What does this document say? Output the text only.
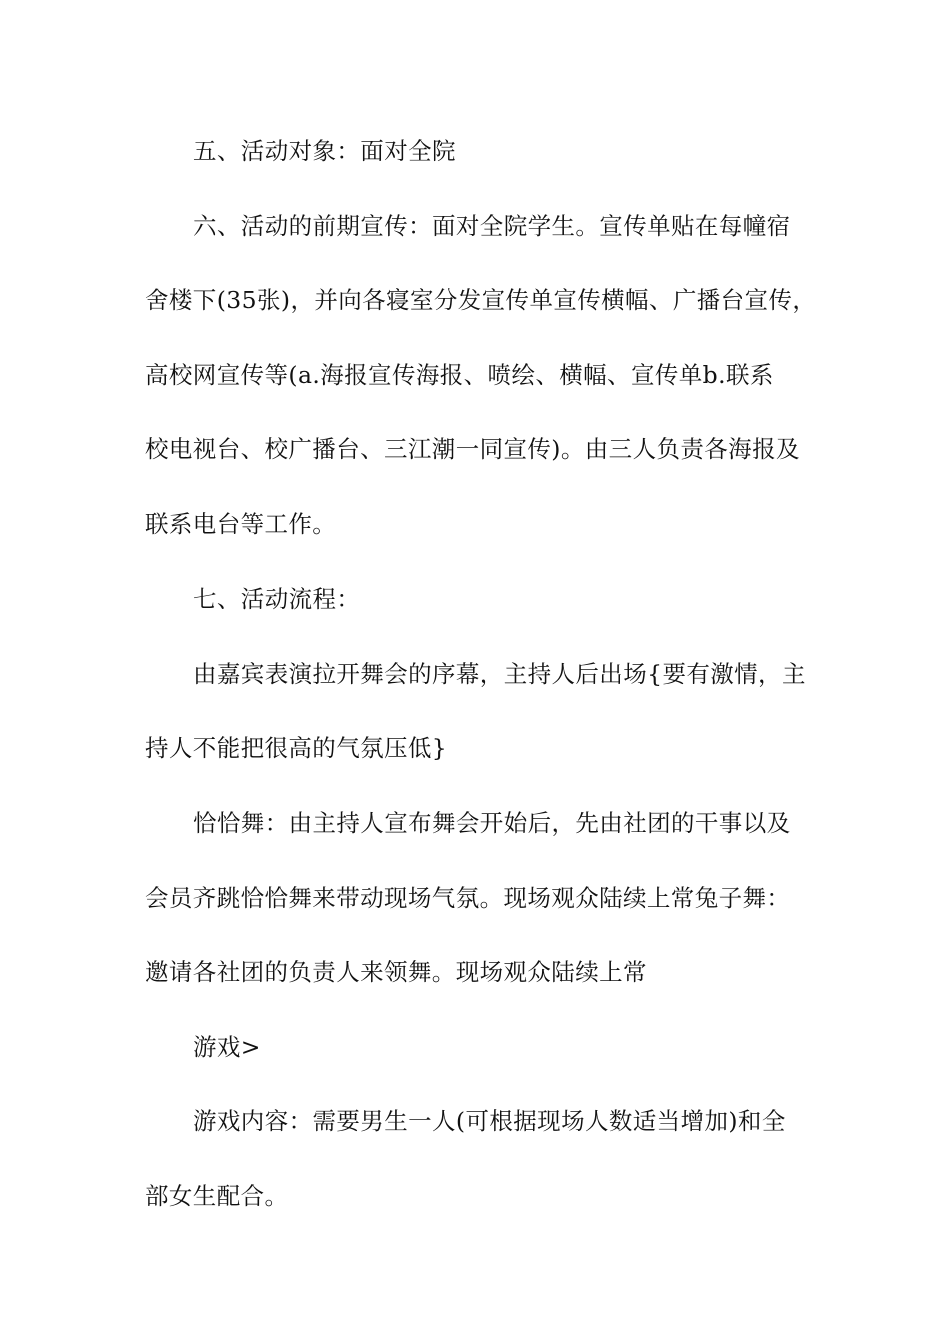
五、活动对象：面对全院
六、活动的前期宣传：面对全院学生。宣传单贴在每幢宿
舍楼下(35张)，并向各寝室分发宣传单宣传横幅、广播台宣传，
高校网宣传等(a.海报宣传海报、喷绘、横幅、宣传单b.联系
校电视台、校广播台、三江潮一同宣传)。由三人负责各海报及
联系电台等工作。
七、活动流程：
由嘉宾表演拉开舞会的序幕，主持人后出场{要有激情，主
持人不能把很高的气氛压低}
恰恰舞：由主持人宣布舞会开始后，先由社团的干事以及
会员齐跳恰恰舞来带动现场气氛。现场观众陆续上常兔子舞：
邀请各社团的负责人来领舞。现场观众陆续上常
游戏>
游戏内容：需要男生一人(可根据现场人数适当增加)和全
部女生配合。
